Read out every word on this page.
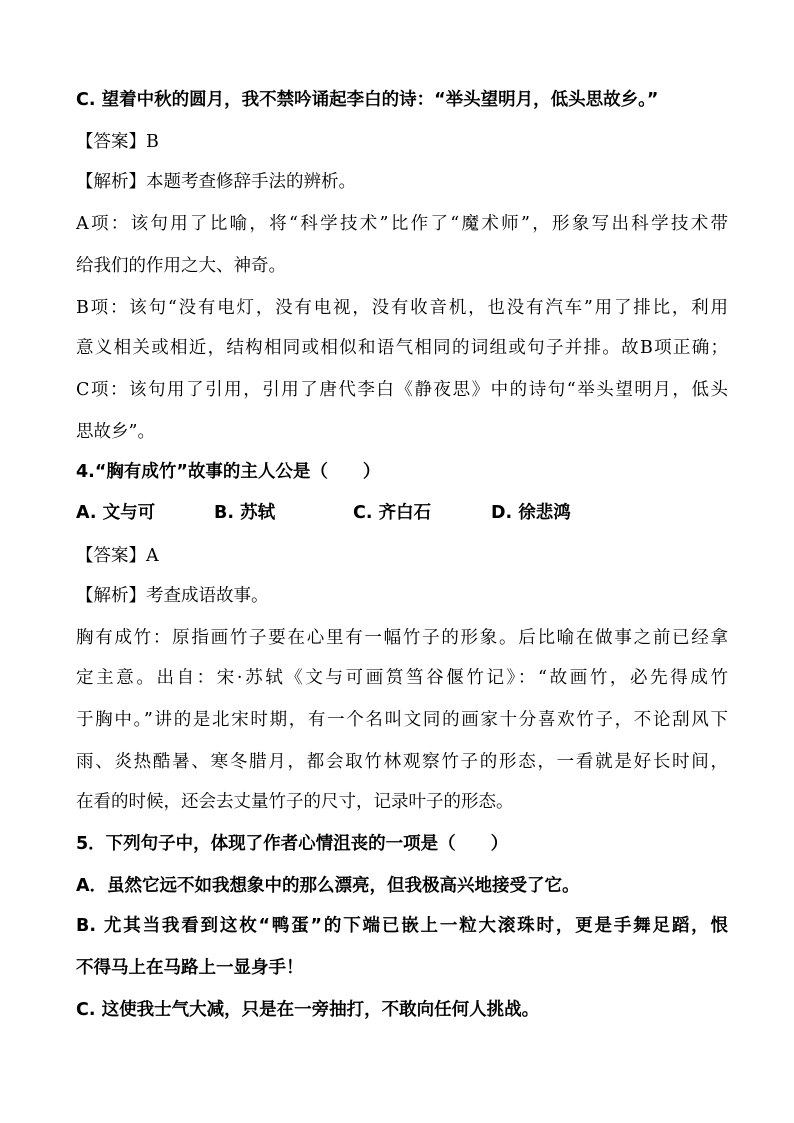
C. 望着中秋的圆月，我不禁吟诵起李白的诗：“举头望明月，低头思故乡。”
【答案】B
【解析】本题考查修辞手法的辨析。
A项：该句用了比喻，将“科学技术”比作了“魔术师”，形象写出科学技术带
给我们的作用之大、神奇。
B项：该句“没有电灯，没有电视，没有收音机，也没有汽车”用了排比，利用
意义相关或相近，结构相同或相似和语气相同的词组或句子并排。故B项正确；
C项：该句用了引用，引用了唐代李白《静夜思》中的诗句“举头望明月，低头
思故乡”。
4.“胸有成竹”故事的主人公是（　　）
A. 文与可	B. 苏轼	C. 齐白石	D. 徐悲鸿
【答案】A
【解析】考查成语故事。
胸有成竹：原指画竹子要在心里有一幅竹子的形象。后比喻在做事之前已经拿
定主意。出自：宋·苏轼《文与可画筼筜谷偃竹记》：“故画竹，必先得成竹
于胸中。”讲的是北宋时期，有一个名叫文同的画家十分喜欢竹子，不论刮风下
雨、炎热酷暑、寒冬腊月，都会取竹林观察竹子的形态，一看就是好长时间，
在看的时候，还会去丈量竹子的尺寸，记录叶子的形态。
5．下列句子中，体现了作者心情沮丧的一项是（　　）
A．虽然它远不如我想象中的那么漂亮，但我极高兴地接受了它。
B. 尤其当我看到这枚“鸭蛋”的下端已嵌上一粒大滚珠时，更是手舞足蹈，恨
不得马上在马路上一显身手！
C. 这使我士气大减，只是在一旁抽打，不敢向任何人挑战。
